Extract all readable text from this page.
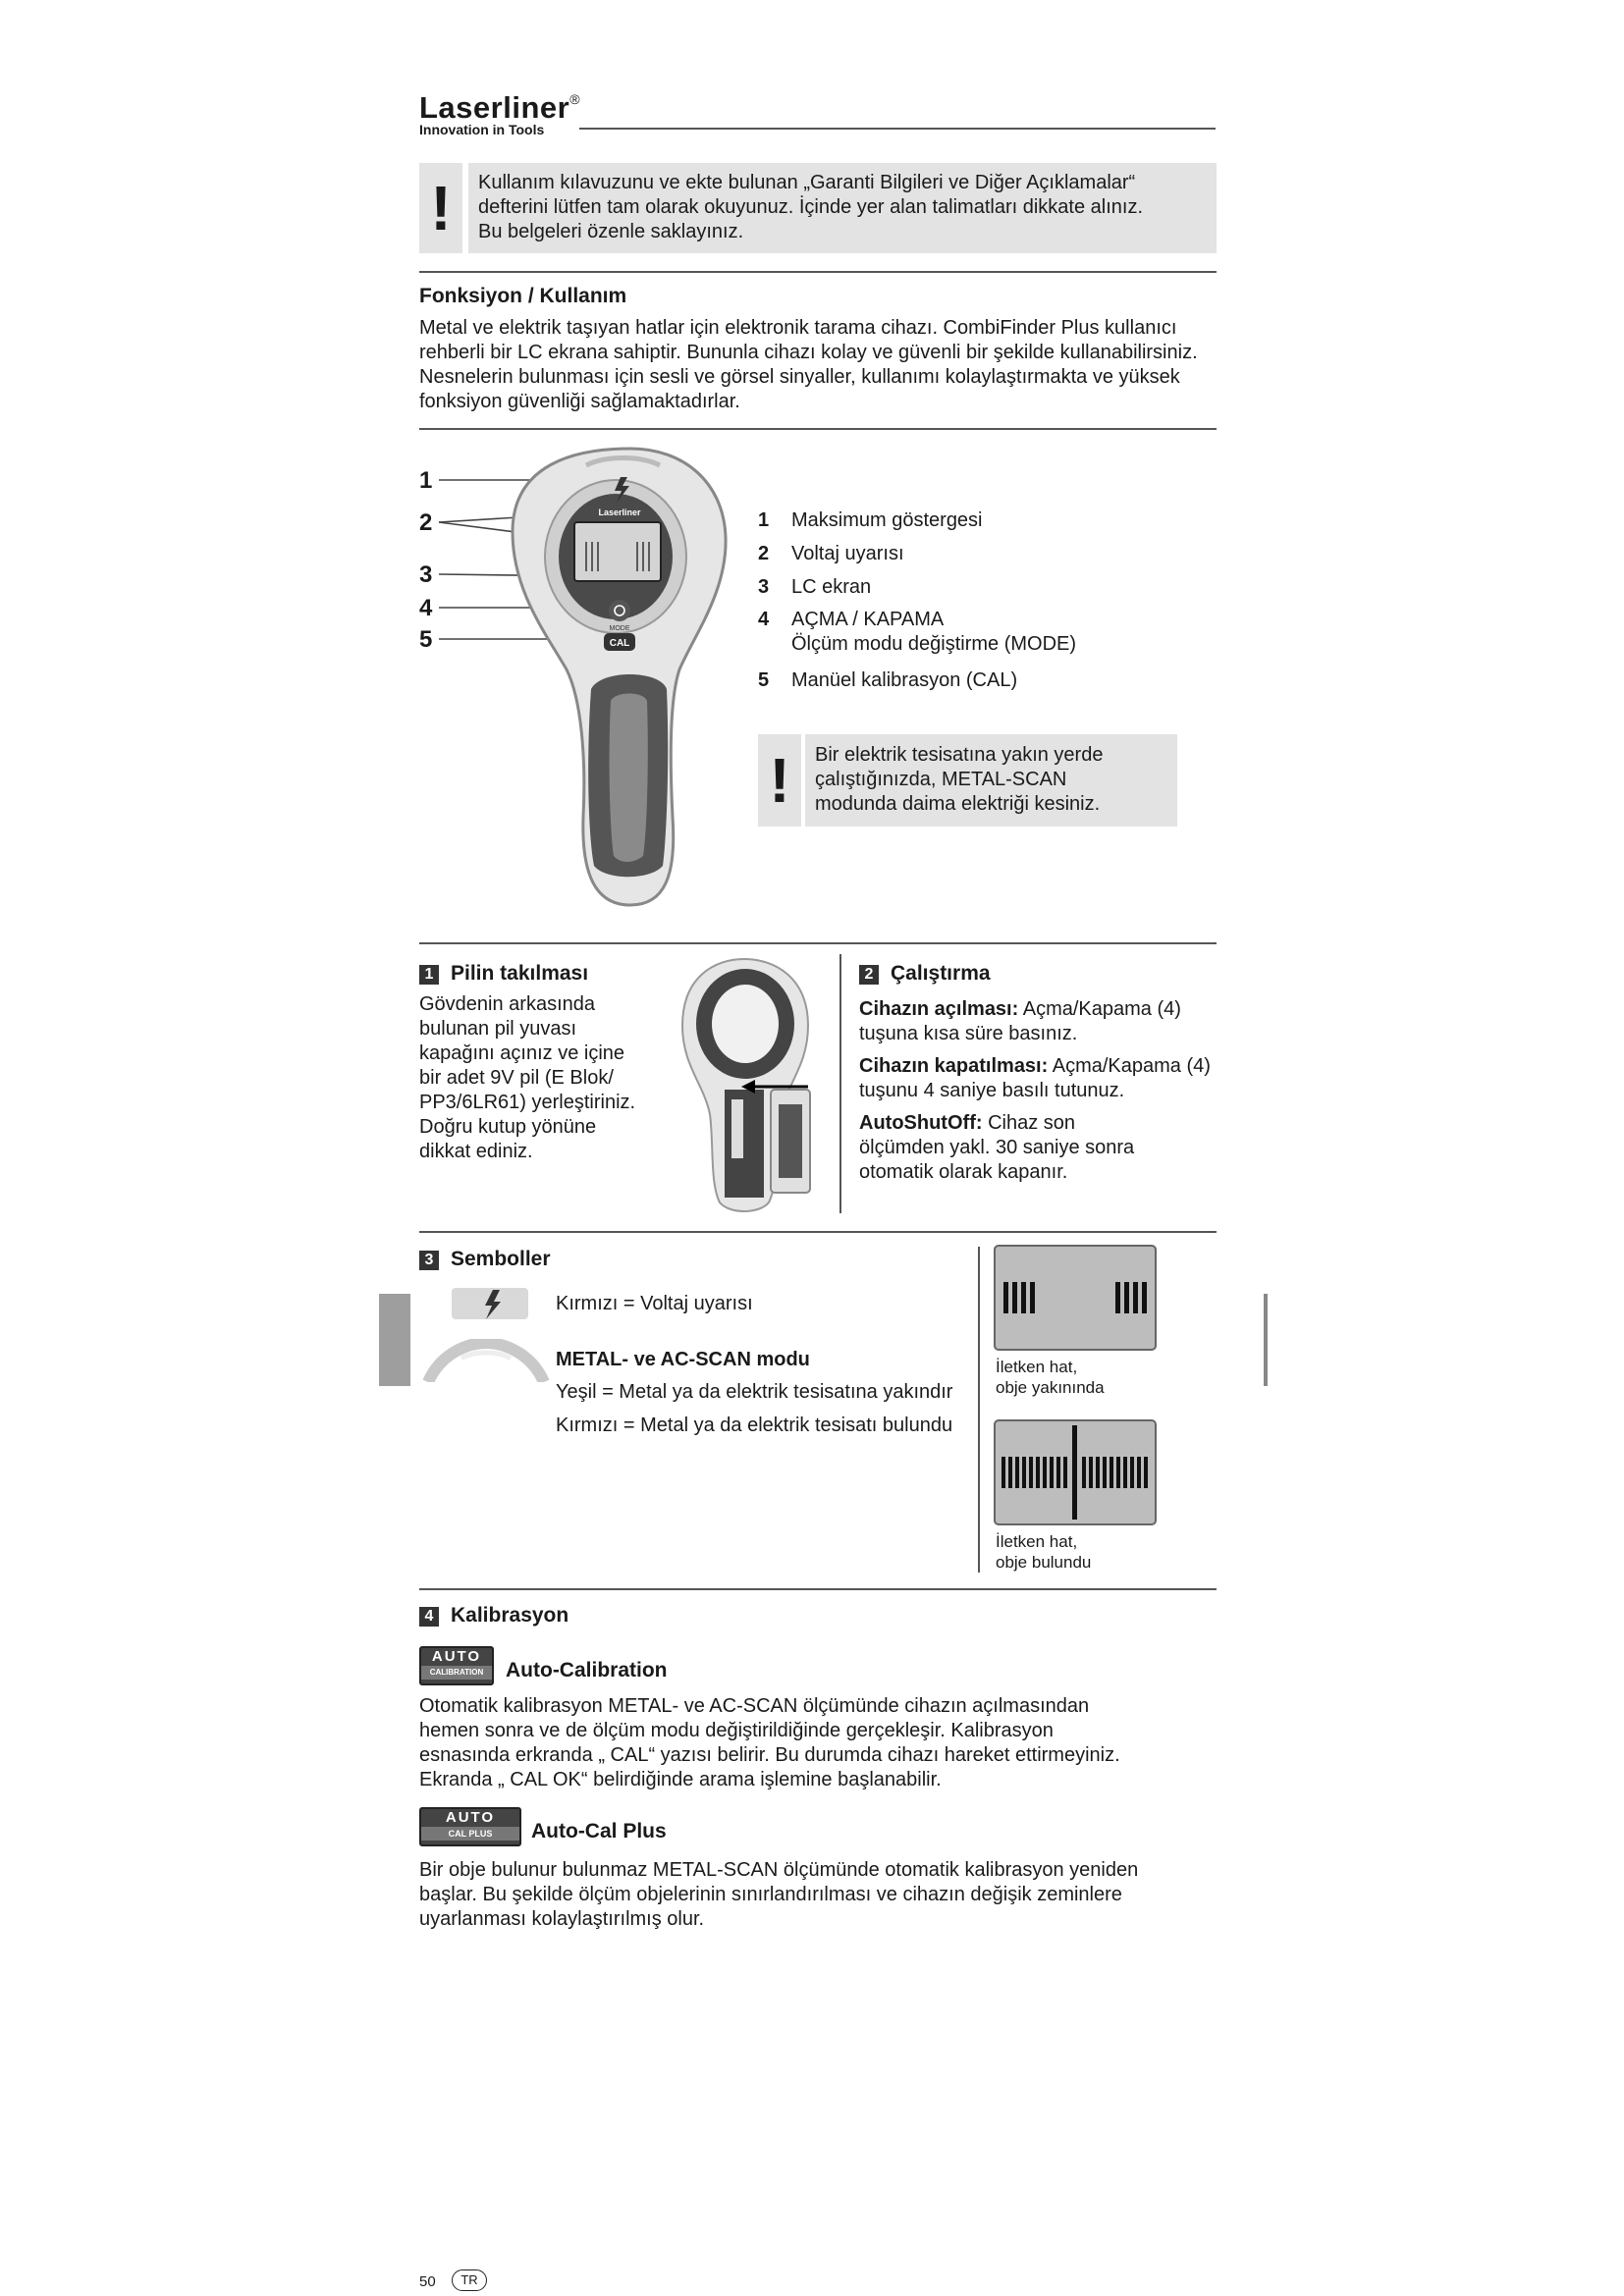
Laserliner®
Innovation in Tools
!	Kullanım kılavuzunu ve ekte bulunan „Garanti Bilgileri ve Diğer Açıklamalar“
defterini lütfen tam olarak okuyunuz. İçinde yer alan talimatları dikkate alınız.
Bu belgeleri özenle saklayınız.
Fonksiyon / Kullanım
Metal ve elektrik taşıyan hatlar için elektronik tarama cihazı. CombiFinder Plus kullanıcı
rehberli bir LC ekrana sahiptir. Bununla cihazı kolay ve güvenli bir şekilde kullanabilirsiniz.
Nesnelerin bulunması için sesli ve görsel sinyaller, kullanımı kolaylaştırmakta ve yüksek
fonksiyon güvenliği sağlamaktadırlar.
Laserliner
MODE
CAL
1
2
3
4
5
1 Maksimum göstergesi
2 Voltaj uyarısı
3 LC ekran
4 AÇMA / KAPAMA
Ölçüm modu değiştirme (MODE)
5 Manüel kalibrasyon (CAL)
!	Bir elektrik tesisatına yakın yerde
çalıştığınızda, METAL-SCAN
modunda daima elektriği kesiniz.
1 Pilin takılması
Gövdenin arkasında
bulunan pil yuvası
kapağını açınız ve içine
bir adet 9V pil (E Blok/
PP3/6LR61) yerleştiriniz.
Doğru kutup yönüne
dikkat ediniz.
2 Çalıştırma
Cihazın açılması: Açma/Kapama (4)
tuşuna kısa süre basınız.
Cihazın kapatılması: Açma/Kapama (4)
tuşunu 4 saniye basılı tutunuz.
AutoShutOff: Cihaz son
ölçümden yakl. 30 saniye sonra
otomatik olarak kapanır.
3 Semboller
Kırmızı = Voltaj uyarısı
METAL- ve AC-SCAN modu
Yeşil = Metal ya da elektrik tesisatına yakındır
Kırmızı = Metal ya da elektrik tesisatı bulundu
İletken hat,
obje yakınında
İletken hat,
obje bulundu
4 Kalibrasyon
AUTO
CALIBRATION	Auto-Calibration
Otomatik kalibrasyon METAL- ve AC-SCAN ölçümünde cihazın açılmasından
hemen sonra ve de ölçüm modu değiştirildiğinde gerçekleşir. Kalibrasyon
esnasında erkranda „ CAL“ yazısı belirir. Bu durumda cihazı hareket ettirmeyiniz.
Ekranda „ CAL OK“ belirdiğinde arama işlemine başlanabilir.
AUTO
CAL PLUS	Auto-Cal Plus
Bir obje bulunur bulunmaz METAL-SCAN ölçümünde otomatik kalibrasyon yeniden
başlar. Bu şekilde ölçüm objelerinin sınırlandırılması ve cihazın değişik zeminlere
uyarlanması kolaylaştırılmış olur.
50	TR
